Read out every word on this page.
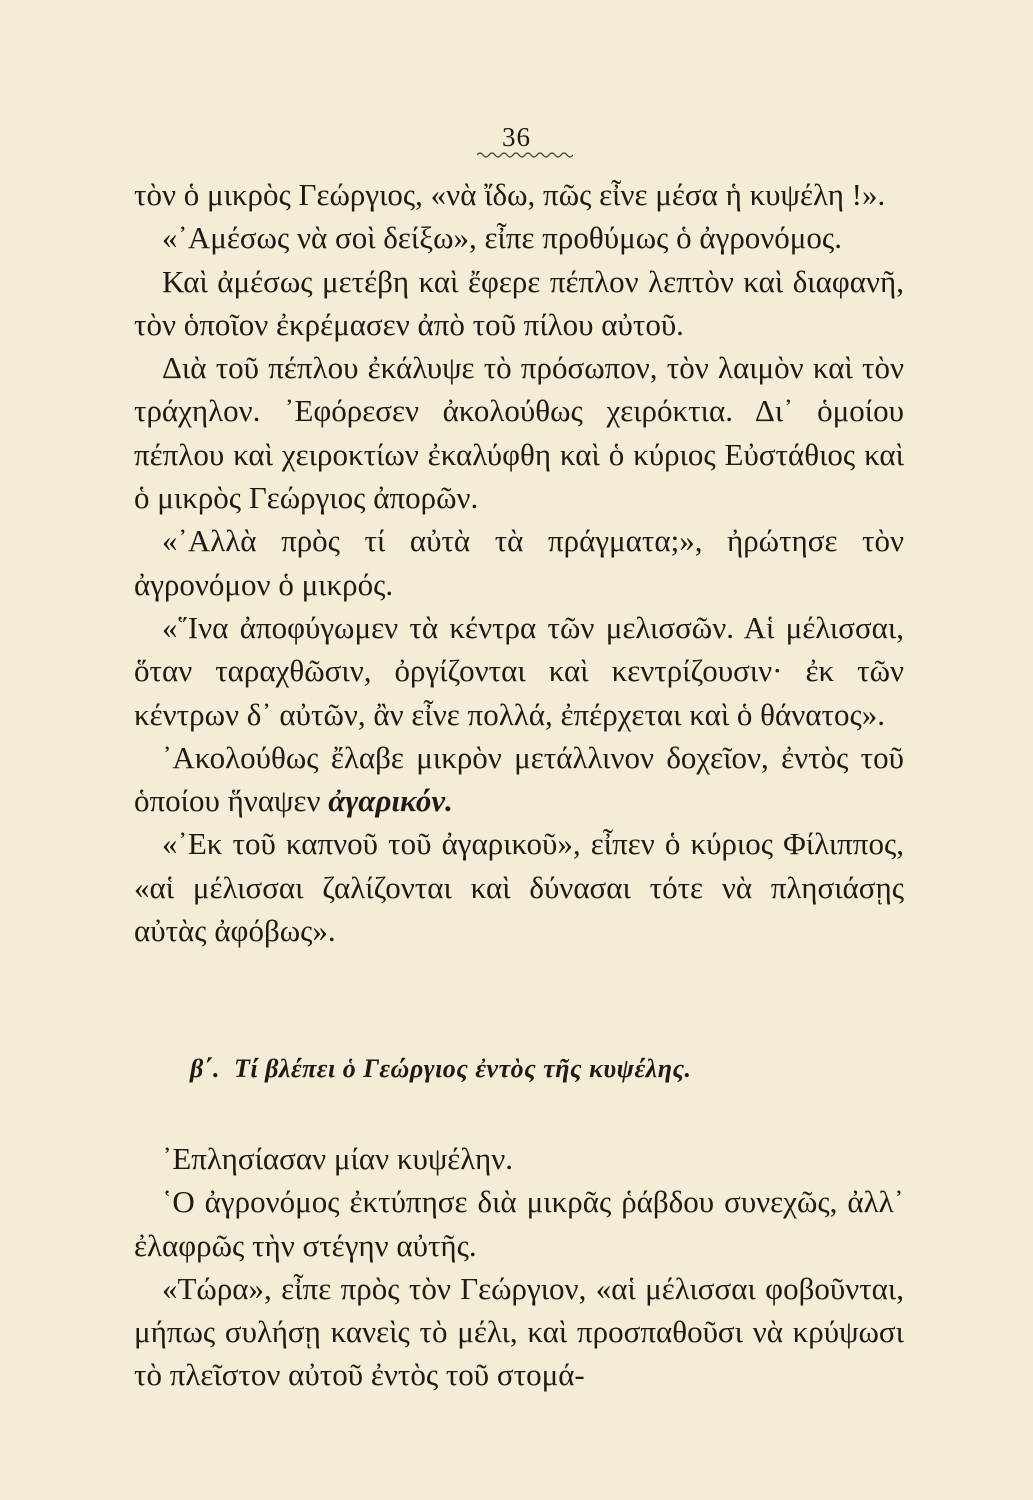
36

τὸν ὁ μικρὸς Γεώργιος, «νὰ ἴδω, πῶς εἶνε μέσα ἡ κυψέλη !».

«᾽Αμέσως νὰ σοὶ δείξω», εἶπε προθύμως ὁ ἀγρονόμος.

Καὶ ἀμέσως μετέβη καὶ ἔφερε πέπλον λεπτὸν καὶ διαφανῆ, τὸν ὁποῖον ἐκρέμασεν ἀπὸ τοῦ πίλου αὐτοῦ.

Διὰ τοῦ πέπλου ἐκάλυψε τὸ πρόσωπον, τὸν λαιμὸν καὶ τὸν τράχηλον. ᾽Εφόρεσεν ἀκολούθως χειρόκτια. Δι᾽ ὁμοίου πέπλου καὶ χειροκτίων ἐκαλύφθη καὶ ὁ κύριος Εὐστάθιος καὶ ὁ μικρὸς Γεώργιος ἀπορῶν.

«᾽Αλλὰ πρὸς τί αὐτὰ τὰ πράγματα;», ἠρώτησε τὸν ἀγρονόμον ὁ μικρός.

«῞Ινα ἀποφύγωμεν τὰ κέντρα τῶν μελισσῶν. Αἱ μέλισσαι, ὅταν ταραχθῶσιν, ὀργίζονται καὶ κεντρίζουσιν· ἐκ τῶν κέντρων δ᾽ αὐτῶν, ἂν εἶνε πολλά, ἐπέρχεται καὶ ὁ θάνατος».

᾽Ακολούθως ἔλαβε μικρὸν μετάλλινον δοχεῖον, ἐντὸς τοῦ ὁποίου ἥναψεν ἀγαρικόν.

«᾽Εκ τοῦ καπνοῦ τοῦ ἀγαρικοῦ», εἶπεν ὁ κύριος Φίλιππος, «αἱ μέλισσαι ζαλίζονται καὶ δύνασαι τότε νὰ πλησιάσῃς αὐτὰς ἀφόβως».

β΄. Τί βλέπει ὁ Γεώργιος ἐντὸς τῆς κυψέλης.

᾽Επλησίασαν μίαν κυψέλην.

῾Ο ἀγρονόμος ἐκτύπησε διὰ μικρᾶς ῥάβδου συνεχῶς, ἀλλ᾽ ἐλαφρῶς τὴν στέγην αὐτῆς.

«Τώρα», εἶπε πρὸς τὸν Γεώργιον, «αἱ μέλισσαι φοβοῦνται, μήπως συλήσῃ κανεὶς τὸ μέλι, καὶ προσπαθοῦσι νὰ κρύψωσι τὸ πλεῖστον αὐτοῦ ἐντὸς τοῦ στομά-
